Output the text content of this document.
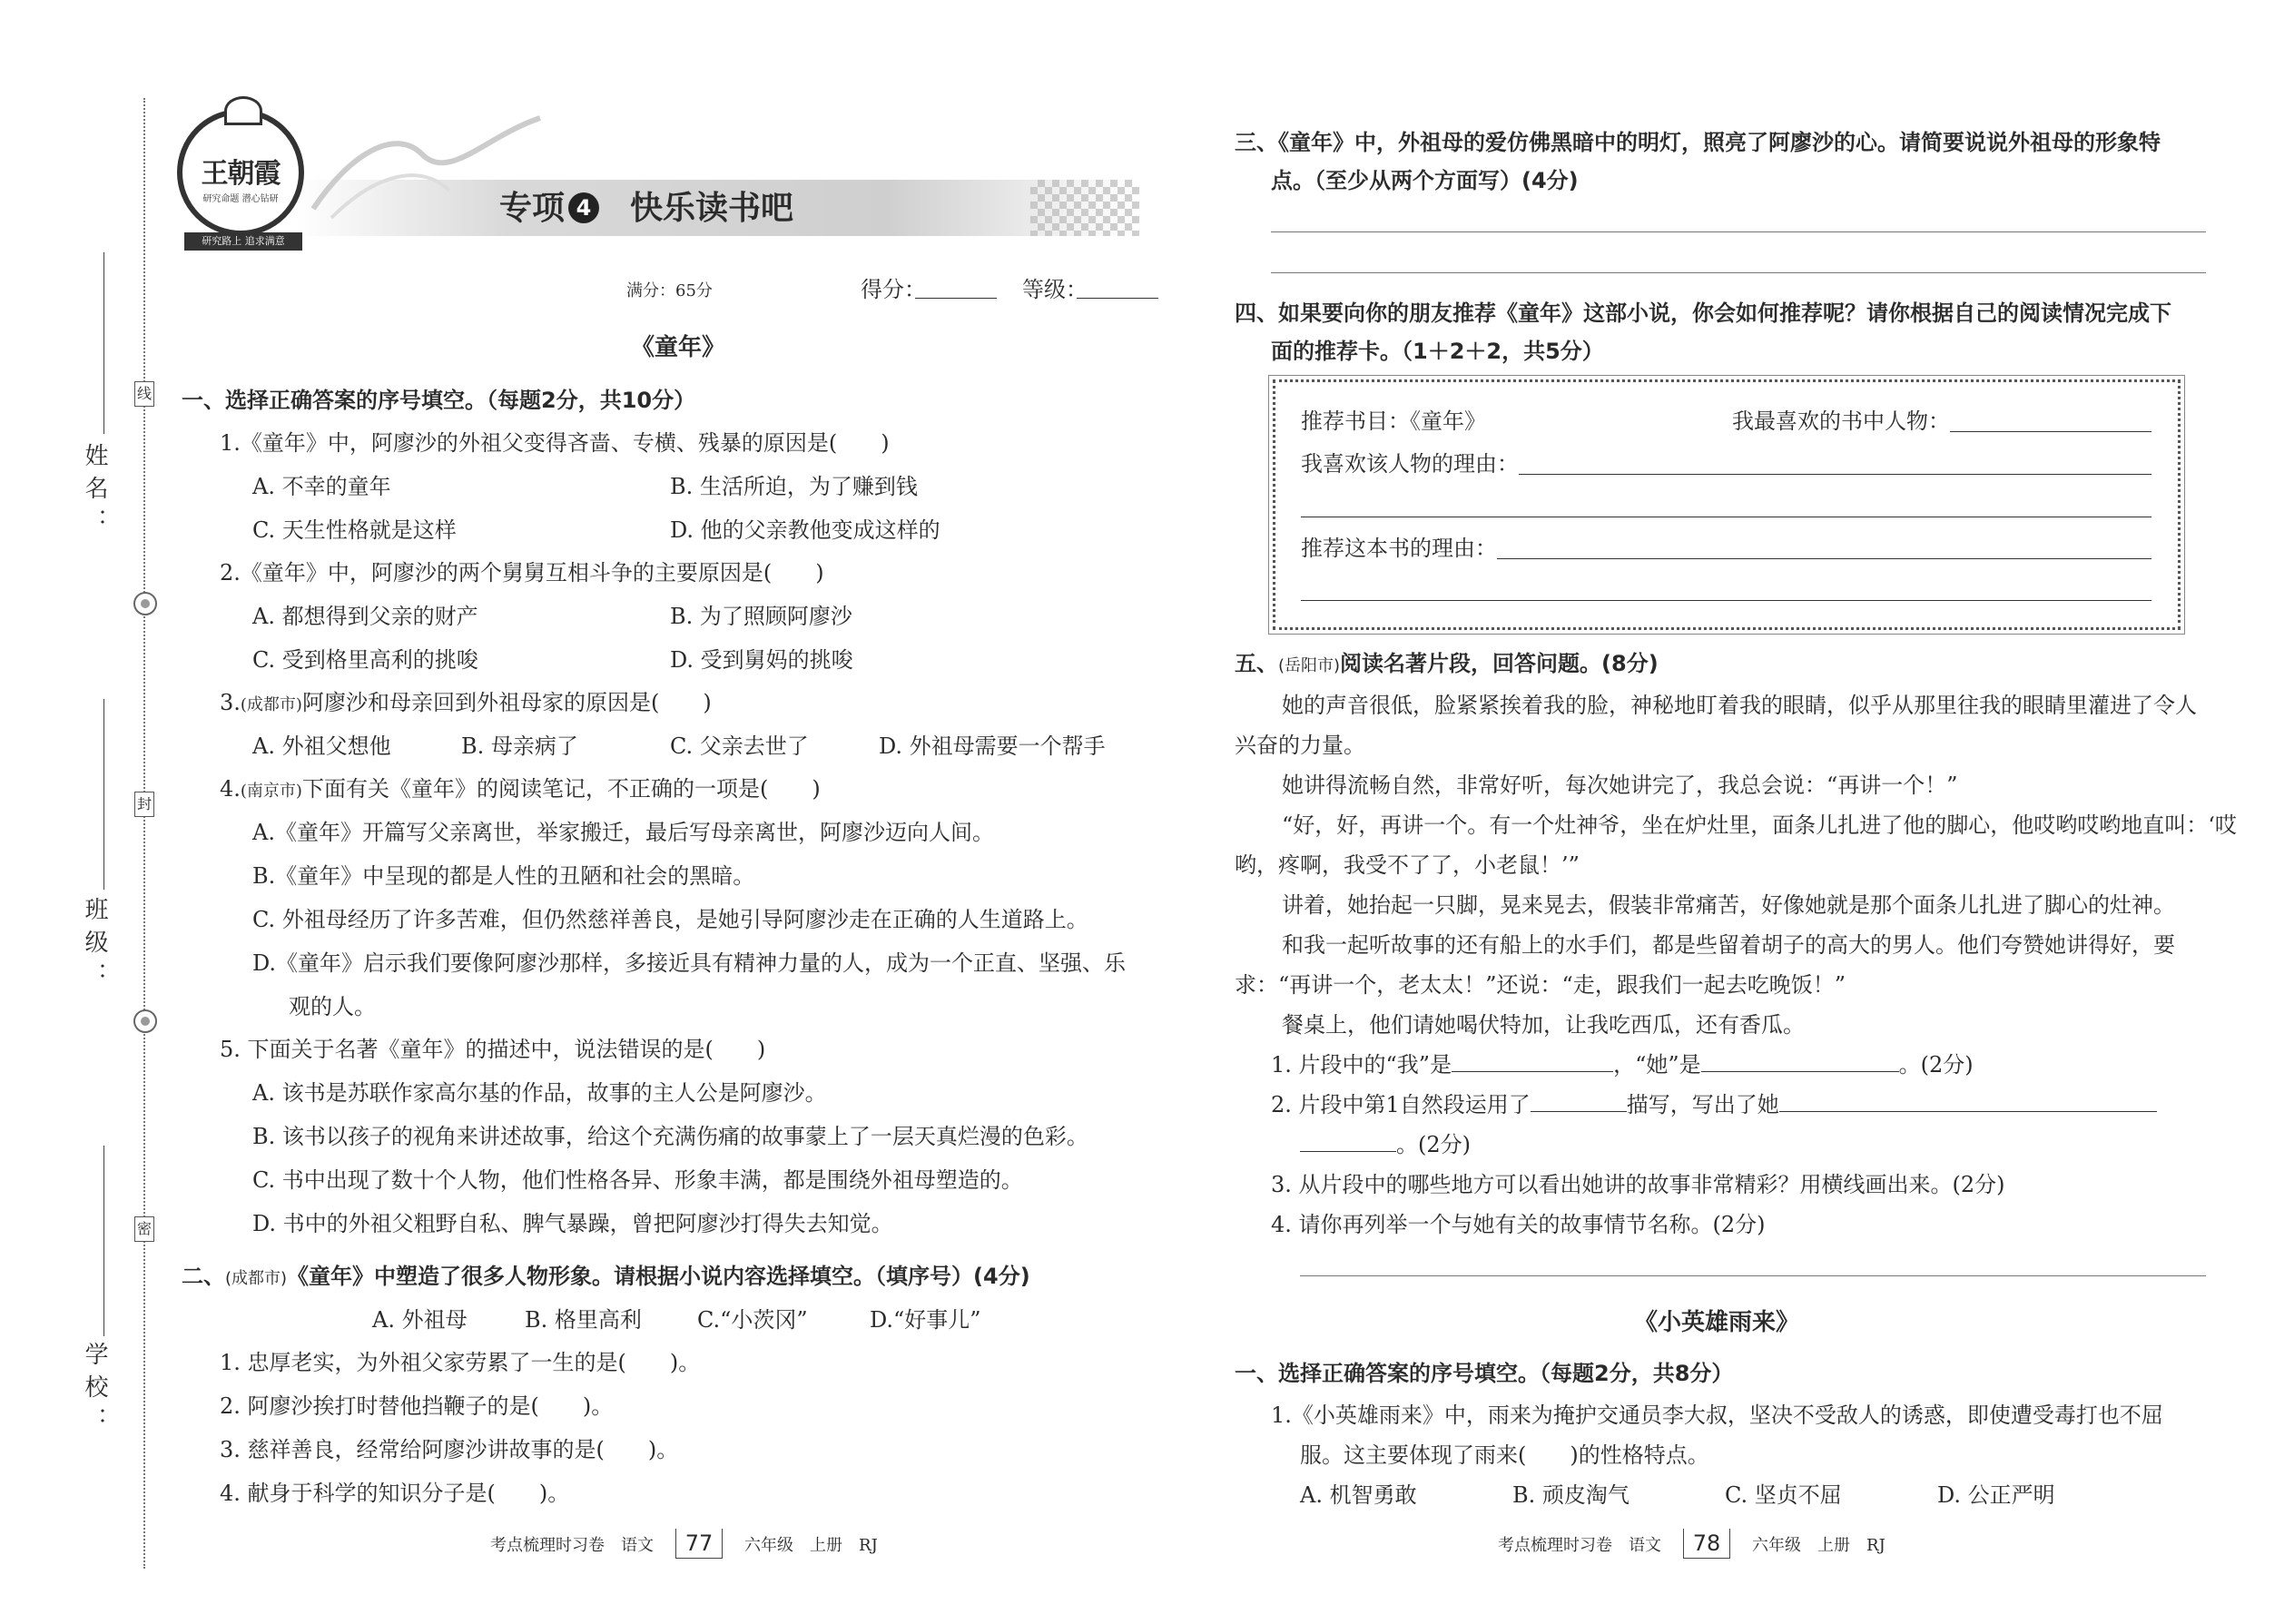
线
封
密
姓名：
班级：
学校：
王朝霞
研究命题 潜心钻研
研究路上 追求满意
专项 4 快乐读书吧
满分：65分	得分：	等级：
《童年》
一、选择正确答案的序号填空。（每题2分，共10分）
1.《童年》中，阿廖沙的外祖父变得吝啬、专横、残暴的原因是(　　)
A. 不幸的童年	B. 生活所迫，为了赚到钱
C. 天生性格就是这样	D. 他的父亲教他变成这样的
2.《童年》中，阿廖沙的两个舅舅互相斗争的主要原因是(　　)
A. 都想得到父亲的财产	B. 为了照顾阿廖沙
C. 受到格里高利的挑唆	D. 受到舅妈的挑唆
3.(成都市)阿廖沙和母亲回到外祖母家的原因是(　　)
A. 外祖父想他	B. 母亲病了	C. 父亲去世了	D. 外祖母需要一个帮手
4.(南京市)下面有关《童年》的阅读笔记，不正确的一项是(　　)
A.《童年》开篇写父亲离世，举家搬迁，最后写母亲离世，阿廖沙迈向人间。
B.《童年》中呈现的都是人性的丑陋和社会的黑暗。
C. 外祖母经历了许多苦难，但仍然慈祥善良，是她引导阿廖沙走在正确的人生道路上。
D.《童年》启示我们要像阿廖沙那样，多接近具有精神力量的人，成为一个正直、坚强、乐
观的人。
5. 下面关于名著《童年》的描述中，说法错误的是(　　)
A. 该书是苏联作家高尔基的作品，故事的主人公是阿廖沙。
B. 该书以孩子的视角来讲述故事，给这个充满伤痛的故事蒙上了一层天真烂漫的色彩。
C. 书中出现了数十个人物，他们性格各异、形象丰满，都是围绕外祖母塑造的。
D. 书中的外祖父粗野自私、脾气暴躁，曾把阿廖沙打得失去知觉。
二、(成都市)《童年》中塑造了很多人物形象。请根据小说内容选择填空。（填序号）(4分)
A. 外祖母	B. 格里高利	C.“小茨冈”	D.“好事儿”
1. 忠厚老实，为外祖父家劳累了一生的是(　　)。
2. 阿廖沙挨打时替他挡鞭子的是(　　)。
3. 慈祥善良，经常给阿廖沙讲故事的是(　　)。
4. 献身于科学的知识分子是(　　)。
考点梳理时习卷　语文 77 六年级　上册　RJ
三、《童年》中，外祖母的爱仿佛黑暗中的明灯，照亮了阿廖沙的心。请简要说说外祖母的形象特
点。（至少从两个方面写）(4分)
四、如果要向你的朋友推荐《童年》这部小说，你会如何推荐呢？请你根据自己的阅读情况完成下
面的推荐卡。（1＋2＋2，共5分）
推荐书目：《童年》	我最喜欢的书中人物：
我喜欢该人物的理由：
推荐这本书的理由：
五、(岳阳市)阅读名著片段，回答问题。(8分)
她的声音很低，脸紧紧挨着我的脸，神秘地盯着我的眼睛，似乎从那里往我的眼睛里灌进了令人
兴奋的力量。
她讲得流畅自然，非常好听，每次她讲完了，我总会说：“再讲一个！”
“好，好，再讲一个。有一个灶神爷，坐在炉灶里，面条儿扎进了他的脚心，他哎哟哎哟地直叫：‘哎
哟，疼啊，我受不了了，小老鼠！’”
讲着，她抬起一只脚，晃来晃去，假装非常痛苦，好像她就是那个面条儿扎进了脚心的灶神。
和我一起听故事的还有船上的水手们，都是些留着胡子的高大的男人。他们夸赞她讲得好，要
求：“再讲一个，老太太！”还说：“走，跟我们一起去吃晚饭！”
餐桌上，他们请她喝伏特加，让我吃西瓜，还有香瓜。
1. 片段中的“我”是	，“她”是	。(2分)
2. 片段中第1自然段运用了	描写，写出了她
。(2分)
3. 从片段中的哪些地方可以看出她讲的故事非常精彩？用横线画出来。(2分)
4. 请你再列举一个与她有关的故事情节名称。(2分)
《小英雄雨来》
一、选择正确答案的序号填空。（每题2分，共8分）
1.《小英雄雨来》中，雨来为掩护交通员李大叔，坚决不受敌人的诱惑，即使遭受毒打也不屈
服。这主要体现了雨来(　　)的性格特点。
A. 机智勇敢	B. 顽皮淘气	C. 坚贞不屈	D. 公正严明
考点梳理时习卷　语文 78 六年级　上册　RJ
